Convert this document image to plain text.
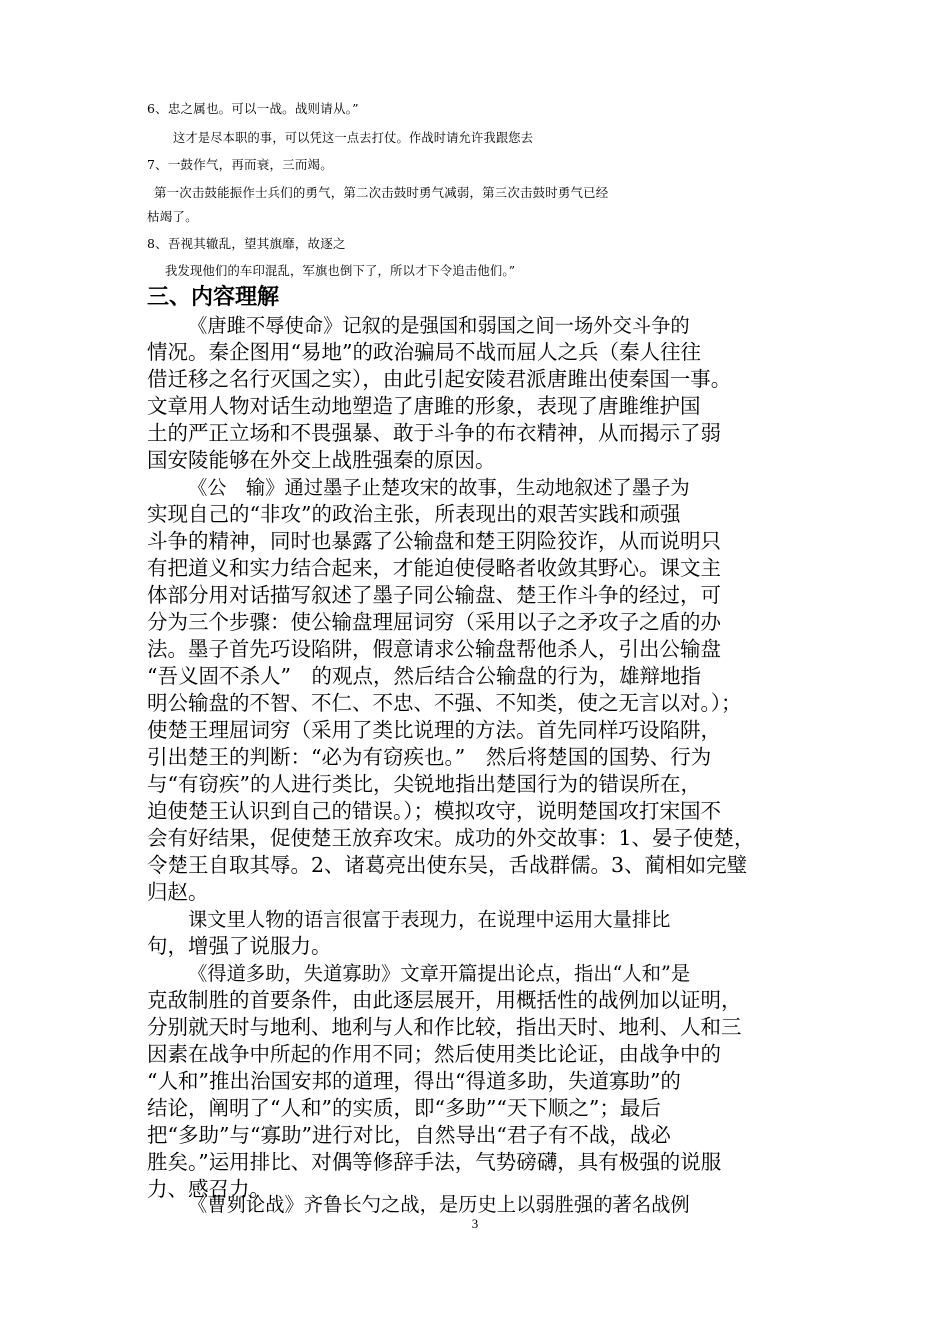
6、忠之属也。可以一战。战则请从。”
这才是尽本职的事，可以凭这一点去打仗。作战时请允许我跟您去
7、一鼓作气，再而衰，三而竭。
第一次击鼓能振作士兵们的勇气，第二次击鼓时勇气减弱，第三次击鼓时勇气已经
枯竭了。
8、吾视其辙乱，望其旗靡，故逐之
我发现他们的车印混乱，军旗也倒下了，所以才下令追击他们。”
三、内容理解
《唐雎不辱使命》记叙的是强国和弱国之间一场外交斗争的
情况。秦企图用“易地”的政治骗局不战而屈人之兵（秦人往往
借迁移之名行灭国之实），由此引起安陵君派唐雎出使秦国一事。
文章用人物对话生动地塑造了唐雎的形象，表现了唐雎维护国
土的严正立场和不畏强暴、敢于斗争的布衣精神，从而揭示了弱
国安陵能够在外交上战胜强秦的原因。
《公　输》通过墨子止楚攻宋的故事，生动地叙述了墨子为
实现自己的“非攻”的政治主张，所表现出的艰苦实践和顽强
斗争的精神，同时也暴露了公输盘和楚王阴险狡诈，从而说明只
有把道义和实力结合起来，才能迫使侵略者收敛其野心。课文主
体部分用对话描写叙述了墨子同公输盘、楚王作斗争的经过，可
分为三个步骤：使公输盘理屈词穷（采用以子之矛攻子之盾的办
法。墨子首先巧设陷阱，假意请求公输盘帮他杀人，引出公输盘
“吾义固不杀人”　的观点，然后结合公输盘的行为，雄辩地指
明公输盘的不智、不仁、不忠、不强、不知类，使之无言以对。）；
使楚王理屈词穷（采用了类比说理的方法。首先同样巧设陷阱，
引出楚王的判断：“必为有窃疾也。”　然后将楚国的国势、行为
与“有窃疾”的人进行类比，尖锐地指出楚国行为的错误所在，
迫使楚王认识到自己的错误。）；模拟攻守，说明楚国攻打宋国不
会有好结果，促使楚王放弃攻宋。成功的外交故事：1、晏子使楚，
令楚王自取其辱。2、诸葛亮出使东吴，舌战群儒。3、蔺相如完璧
归赵。
课文里人物的语言很富于表现力，在说理中运用大量排比
句，增强了说服力。
《得道多助，失道寡助》文章开篇提出论点，指出“人和”是
克敌制胜的首要条件，由此逐层展开，用概括性的战例加以证明，
分别就天时与地利、地利与人和作比较，指出天时、地利、人和三
因素在战争中所起的作用不同；然后使用类比论证，由战争中的
“人和”推出治国安邦的道理，得出“得道多助，失道寡助”的
结论，阐明了“人和”的实质，即“多助”“天下顺之”；最后
把“多助”与“寡助”进行对比，自然导出“君子有不战，战必
胜矣。”运用排比、对偶等修辞手法，气势磅礴，具有极强的说服
力、感召力。
《曹刿论战》齐鲁长勺之战，是历史上以弱胜强的著名战例
3
